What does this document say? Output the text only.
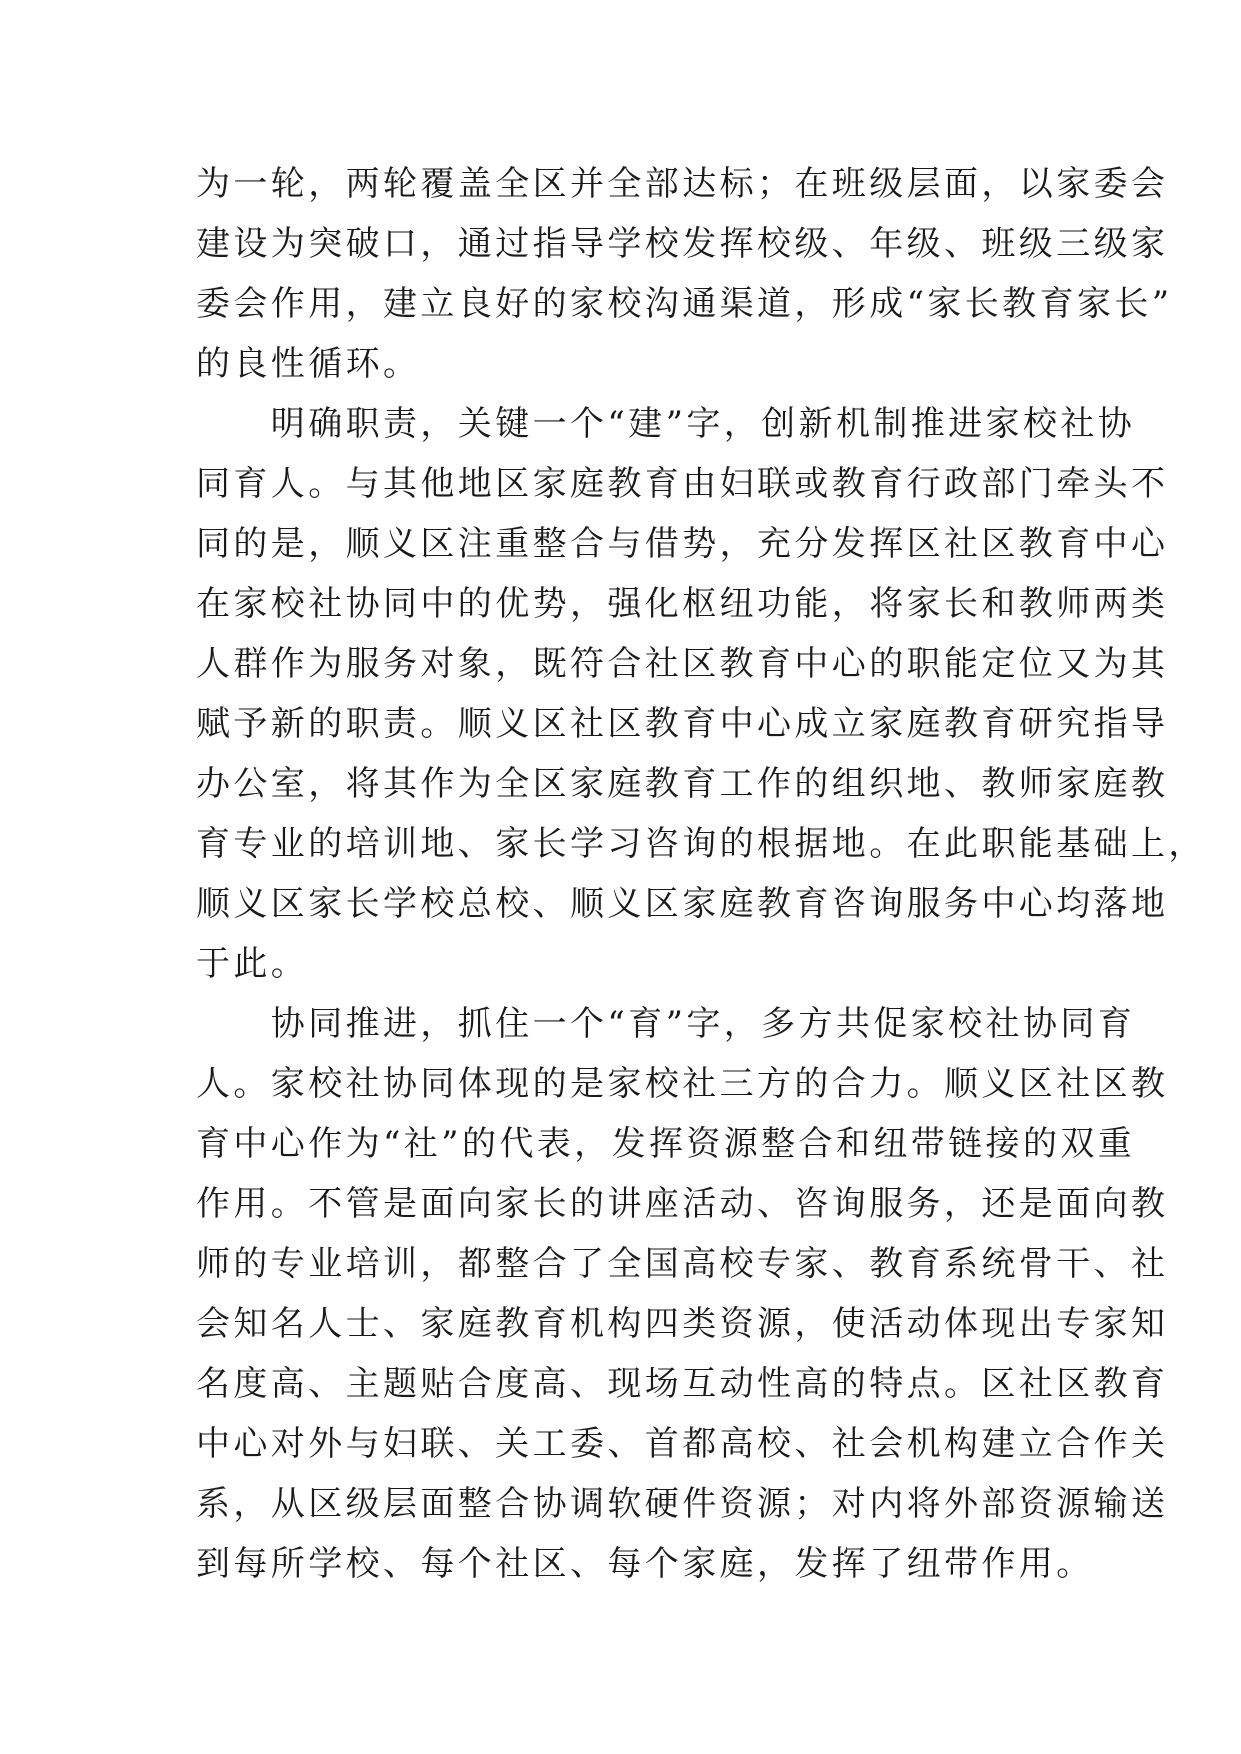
为一轮，两轮覆盖全区并全部达标；在班级层面，以家委会
建设为突破口，通过指导学校发挥校级、年级、班级三级家
委会作用，建立良好的家校沟通渠道，形成“家长教育家长”
的良性循环。
　　明确职责，关键一个“建”字，创新机制推进家校社协
同育人。与其他地区家庭教育由妇联或教育行政部门牵头不
同的是，顺义区注重整合与借势，充分发挥区社区教育中心
在家校社协同中的优势，强化枢纽功能，将家长和教师两类
人群作为服务对象，既符合社区教育中心的职能定位又为其
赋予新的职责。顺义区社区教育中心成立家庭教育研究指导
办公室，将其作为全区家庭教育工作的组织地、教师家庭教
育专业的培训地、家长学习咨询的根据地。在此职能基础上，
顺义区家长学校总校、顺义区家庭教育咨询服务中心均落地
于此。
　　协同推进，抓住一个“育”字，多方共促家校社协同育
人。家校社协同体现的是家校社三方的合力。顺义区社区教
育中心作为“社”的代表，发挥资源整合和纽带链接的双重
作用。不管是面向家长的讲座活动、咨询服务，还是面向教
师的专业培训，都整合了全国高校专家、教育系统骨干、社
会知名人士、家庭教育机构四类资源，使活动体现出专家知
名度高、主题贴合度高、现场互动性高的特点。区社区教育
中心对外与妇联、关工委、首都高校、社会机构建立合作关
系，从区级层面整合协调软硬件资源；对内将外部资源输送
到每所学校、每个社区、每个家庭，发挥了纽带作用。
